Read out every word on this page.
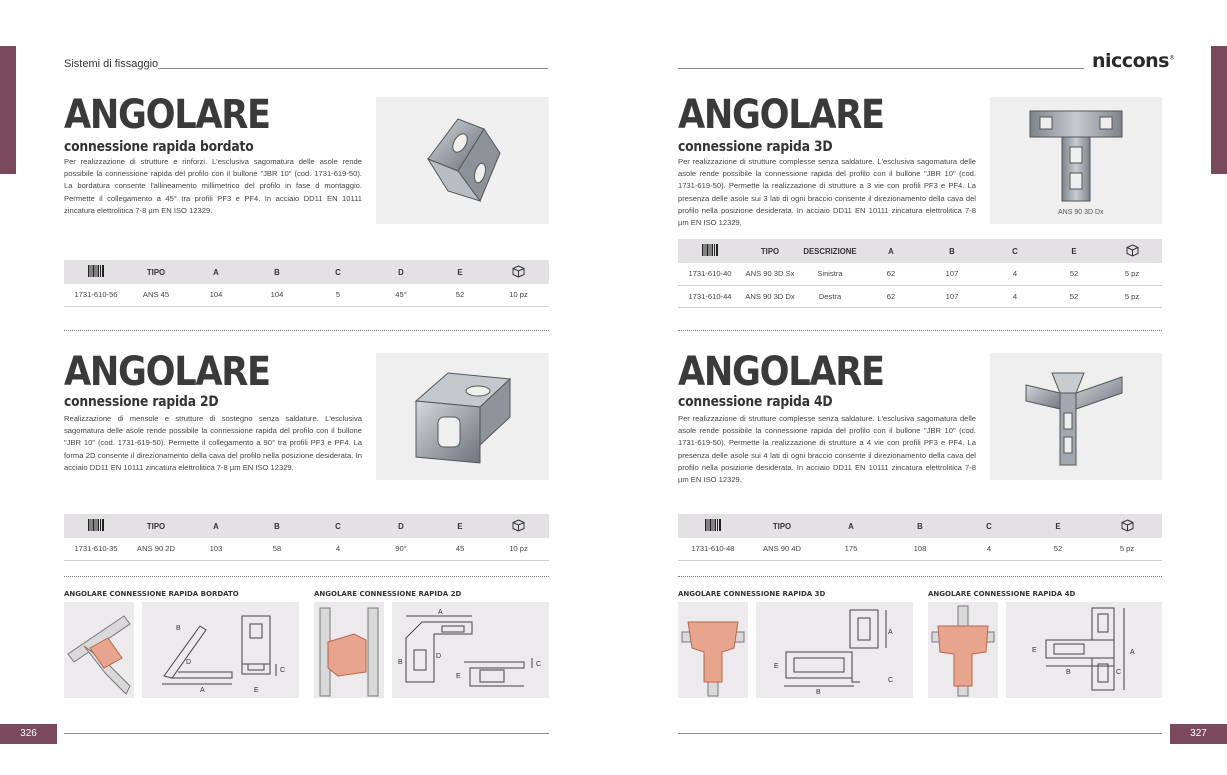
Sistemi di fissaggio	niccons®
ANGOLARE
connessione rapida bordato
Per realizzazione di strutture e rinforzi. L'esclusiva sagomatura delle asole rende possibile la connessione rapida del profilo con il bullone "JBR 10" (cod. 1731-619-50). La bordatura consente l'allineamento millimetrico del profilo in fase d montaggio. Permette il collegamento a 45° tra profili PF3 e PF4. In acciaio DD11 EN 10111 zincatura elettrolitica 7-8 µm EN ISO 12329.
	TIPO	A	B	C	D	E	
1731-610-56	ANS 45	104	104	5	45°	52	10 pz
ANGOLARE
connessione rapida 2D
Realizzazione di mensole e strutture di sostegno senza saldature. L'esclusiva sagomatura delle asole rende possibile la connessione rapida del profilo con il bullone "JBR 10" (cod. 1731-619-50). Permette il collegamento a 90° tra profili PF3 e PF4. La forma 2D consente il direzionamento della cava del profilo nella posizione desiderata. In acciaio DD11 EN 10111 zincatura elettrolitica 7-8 µm EN ISO 12329.
	TIPO	A	B	C	D	E	
1731-610-35	ANS 90 2D	103	58	4	90°	45	10 pz
ANGOLARE
connessione rapida 3D
Per realizzazione di strutture complesse senza saldature. L'esclusiva sagomatura delle asole rende possibile la connessione rapida del profilo con il bullone "JBR 10" (cod. 1731-619-50). Permette la realizzazione di strutture a 3 vie con profili PF3 e PF4. La presenza delle asole sui 3 lati di ogni braccio consente il direzionamento della cava del profilo nella posizione desiderata. In acciaio DD11 EN 10111 zincatura elettrolitica 7-8 µm EN ISO 12329.
ANS 90 3D Dx
	TIPO	DESCRIZIONE	A	B	C	E	
1731-610-40	ANS 90 3D Sx	Sinistra	62	107	4	52	5 pz
1731-610-44	ANS 90 3D Dx	Destra	62	107	4	52	5 pz
ANGOLARE
connessione rapida 4D
Per realizzazione di strutture complesse senza saldature. L'esclusiva sagomatura delle asole rende possibile la connessione rapida del profilo con il bullone "JBR 10" (cod. 1731-619-50). Permette la realizzazione di strutture a 4 vie con profili PF3 e PF4. La presenza delle asole sui 4 lati di ogni braccio consente il direzionamento della cava del profilo nella posizione desiderata. In acciaio DD11 EN 10111 zincatura elettrolitica 7-8 µm EN ISO 12329.
	TIPO	A	B	C	E	
1731-610-48	ANS 90 4D	175	108	4	52	5 pz
ANGOLARE CONNESSIONE RAPIDA BORDATO	ANGOLARE CONNESSIONE RAPIDA 2D	ANGOLARE CONNESSIONE RAPIDA 3D	ANGOLARE CONNESSIONE RAPIDA 4D
B
D
A	E
C
A
B
D
E
C
A
E
B
C
A
E
B	C
326	327
